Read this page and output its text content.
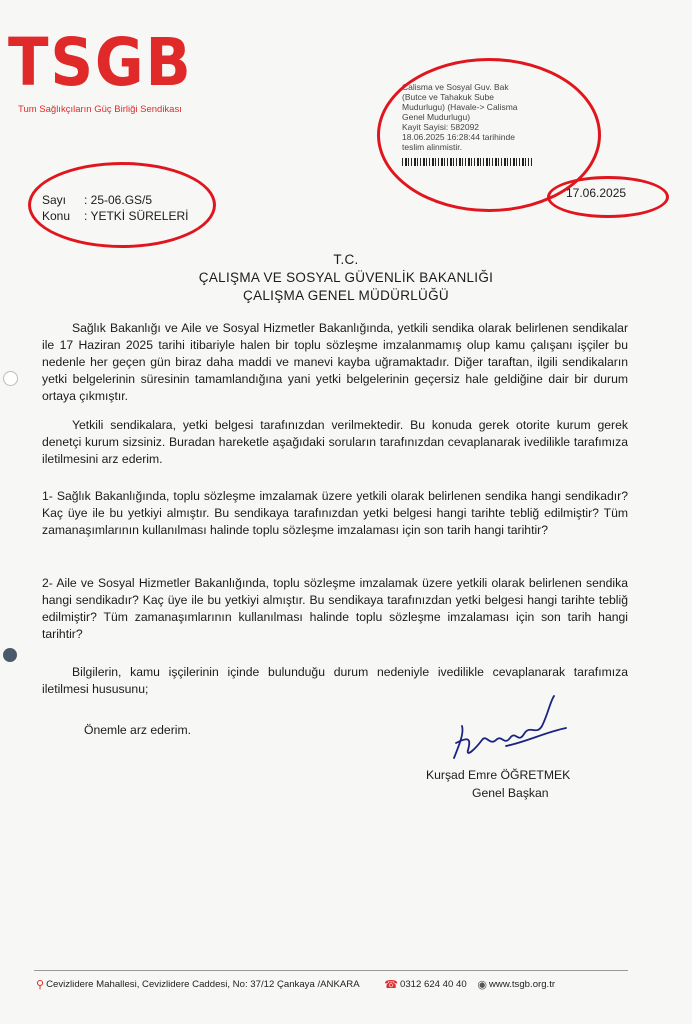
TSGB
Tum Sağlıkçıların Güç Birliği Sendikası
Calisma ve Sosyal Guv. Bak
(Butce ve Tahakuk Sube
Mudurlugu) (Havale-> Calisma
Genel Mudurlugu)
Kayit Sayisi: 582092
18.06.2025 16:28:44 tarihinde
teslim alinmistir.
Sayı : 25-06.GS/5
Konu : YETKİ SÜRELERİ
17.06.2025
T.C.
ÇALIŞMA VE SOSYAL GÜVENLİK BAKANLIĞI
ÇALIŞMA GENEL MÜDÜRLÜĞÜ
Sağlık Bakanlığı ve Aile ve Sosyal Hizmetler Bakanlığında, yetkili sendika olarak belirlenen sendikalar ile 17 Haziran 2025 tarihi itibariyle halen bir toplu sözleşme imzalanmamış olup kamu çalışanı işçiler bu nedenle her geçen gün biraz daha maddi ve manevi kayba uğramaktadır. Diğer taraftan, ilgili sendikaların yetki belgelerinin süresinin tamamlandığına yani yetki belgelerinin geçersiz hale geldiğine dair bir durum ortaya çıkmıştır.
Yetkili sendikalara, yetki belgesi tarafınızdan verilmektedir. Bu konuda gerek otorite kurum gerek denetçi kurum sizsiniz. Buradan hareketle aşağıdaki soruların tarafınızdan cevaplanarak ivedilikle tarafımıza iletilmesini arz ederim.
1- Sağlık Bakanlığında, toplu sözleşme imzalamak üzere yetkili olarak belirlenen sendika hangi sendikadır? Kaç üye ile bu yetkiyi almıştır. Bu sendikaya tarafınızdan yetki belgesi hangi tarihte tebliğ edilmiştir? Tüm zamanaşımlarının kullanılması halinde toplu sözleşme imzalaması için son tarih hangi tarihtir?
2- Aile ve Sosyal Hizmetler Bakanlığında, toplu sözleşme imzalamak üzere yetkili olarak belirlenen sendika hangi sendikadır? Kaç üye ile bu yetkiyi almıştır. Bu sendikaya tarafınızdan yetki belgesi hangi tarihte tebliğ edilmiştir? Tüm zamanaşımlarının kullanılması halinde toplu sözleşme imzalaması için son tarih hangi tarihtir?
Bilgilerin, kamu işçilerinin içinde bulunduğu durum nedeniyle ivedilikle cevaplanarak tarafımıza iletilmesi hususunu;
Önemle arz ederim.
Kurşad Emre ÖĞRETMEK
Genel Başkan
⚲ Cevizlidere Mahallesi, Cevizlidere Caddesi, No: 37/12 Çankaya /ANKARA ☎ 0312 624 40 40 ◉ www.tsgb.org.tr
